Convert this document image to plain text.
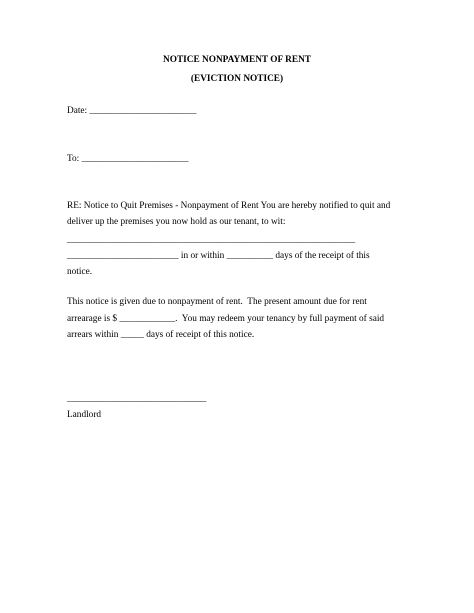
NOTICE NONPAYMENT OF RENT
(EVICTION NOTICE)
Date: _______________________
To: _______________________
RE: Notice to Quit Premises - Nonpayment of Rent You are hereby notified to quit and
deliver up the premises you now hold as our tenant, to wit:
______________________________________________________________
________________________ in or within __________ days of the receipt of this
notice.
This notice is given due to nonpayment of rent.  The present amount due for rent
arrearage is $ ____________.  You may redeem your tenancy by full payment of said
arrears within _____ days of receipt of this notice.
______________________________
Landlord
